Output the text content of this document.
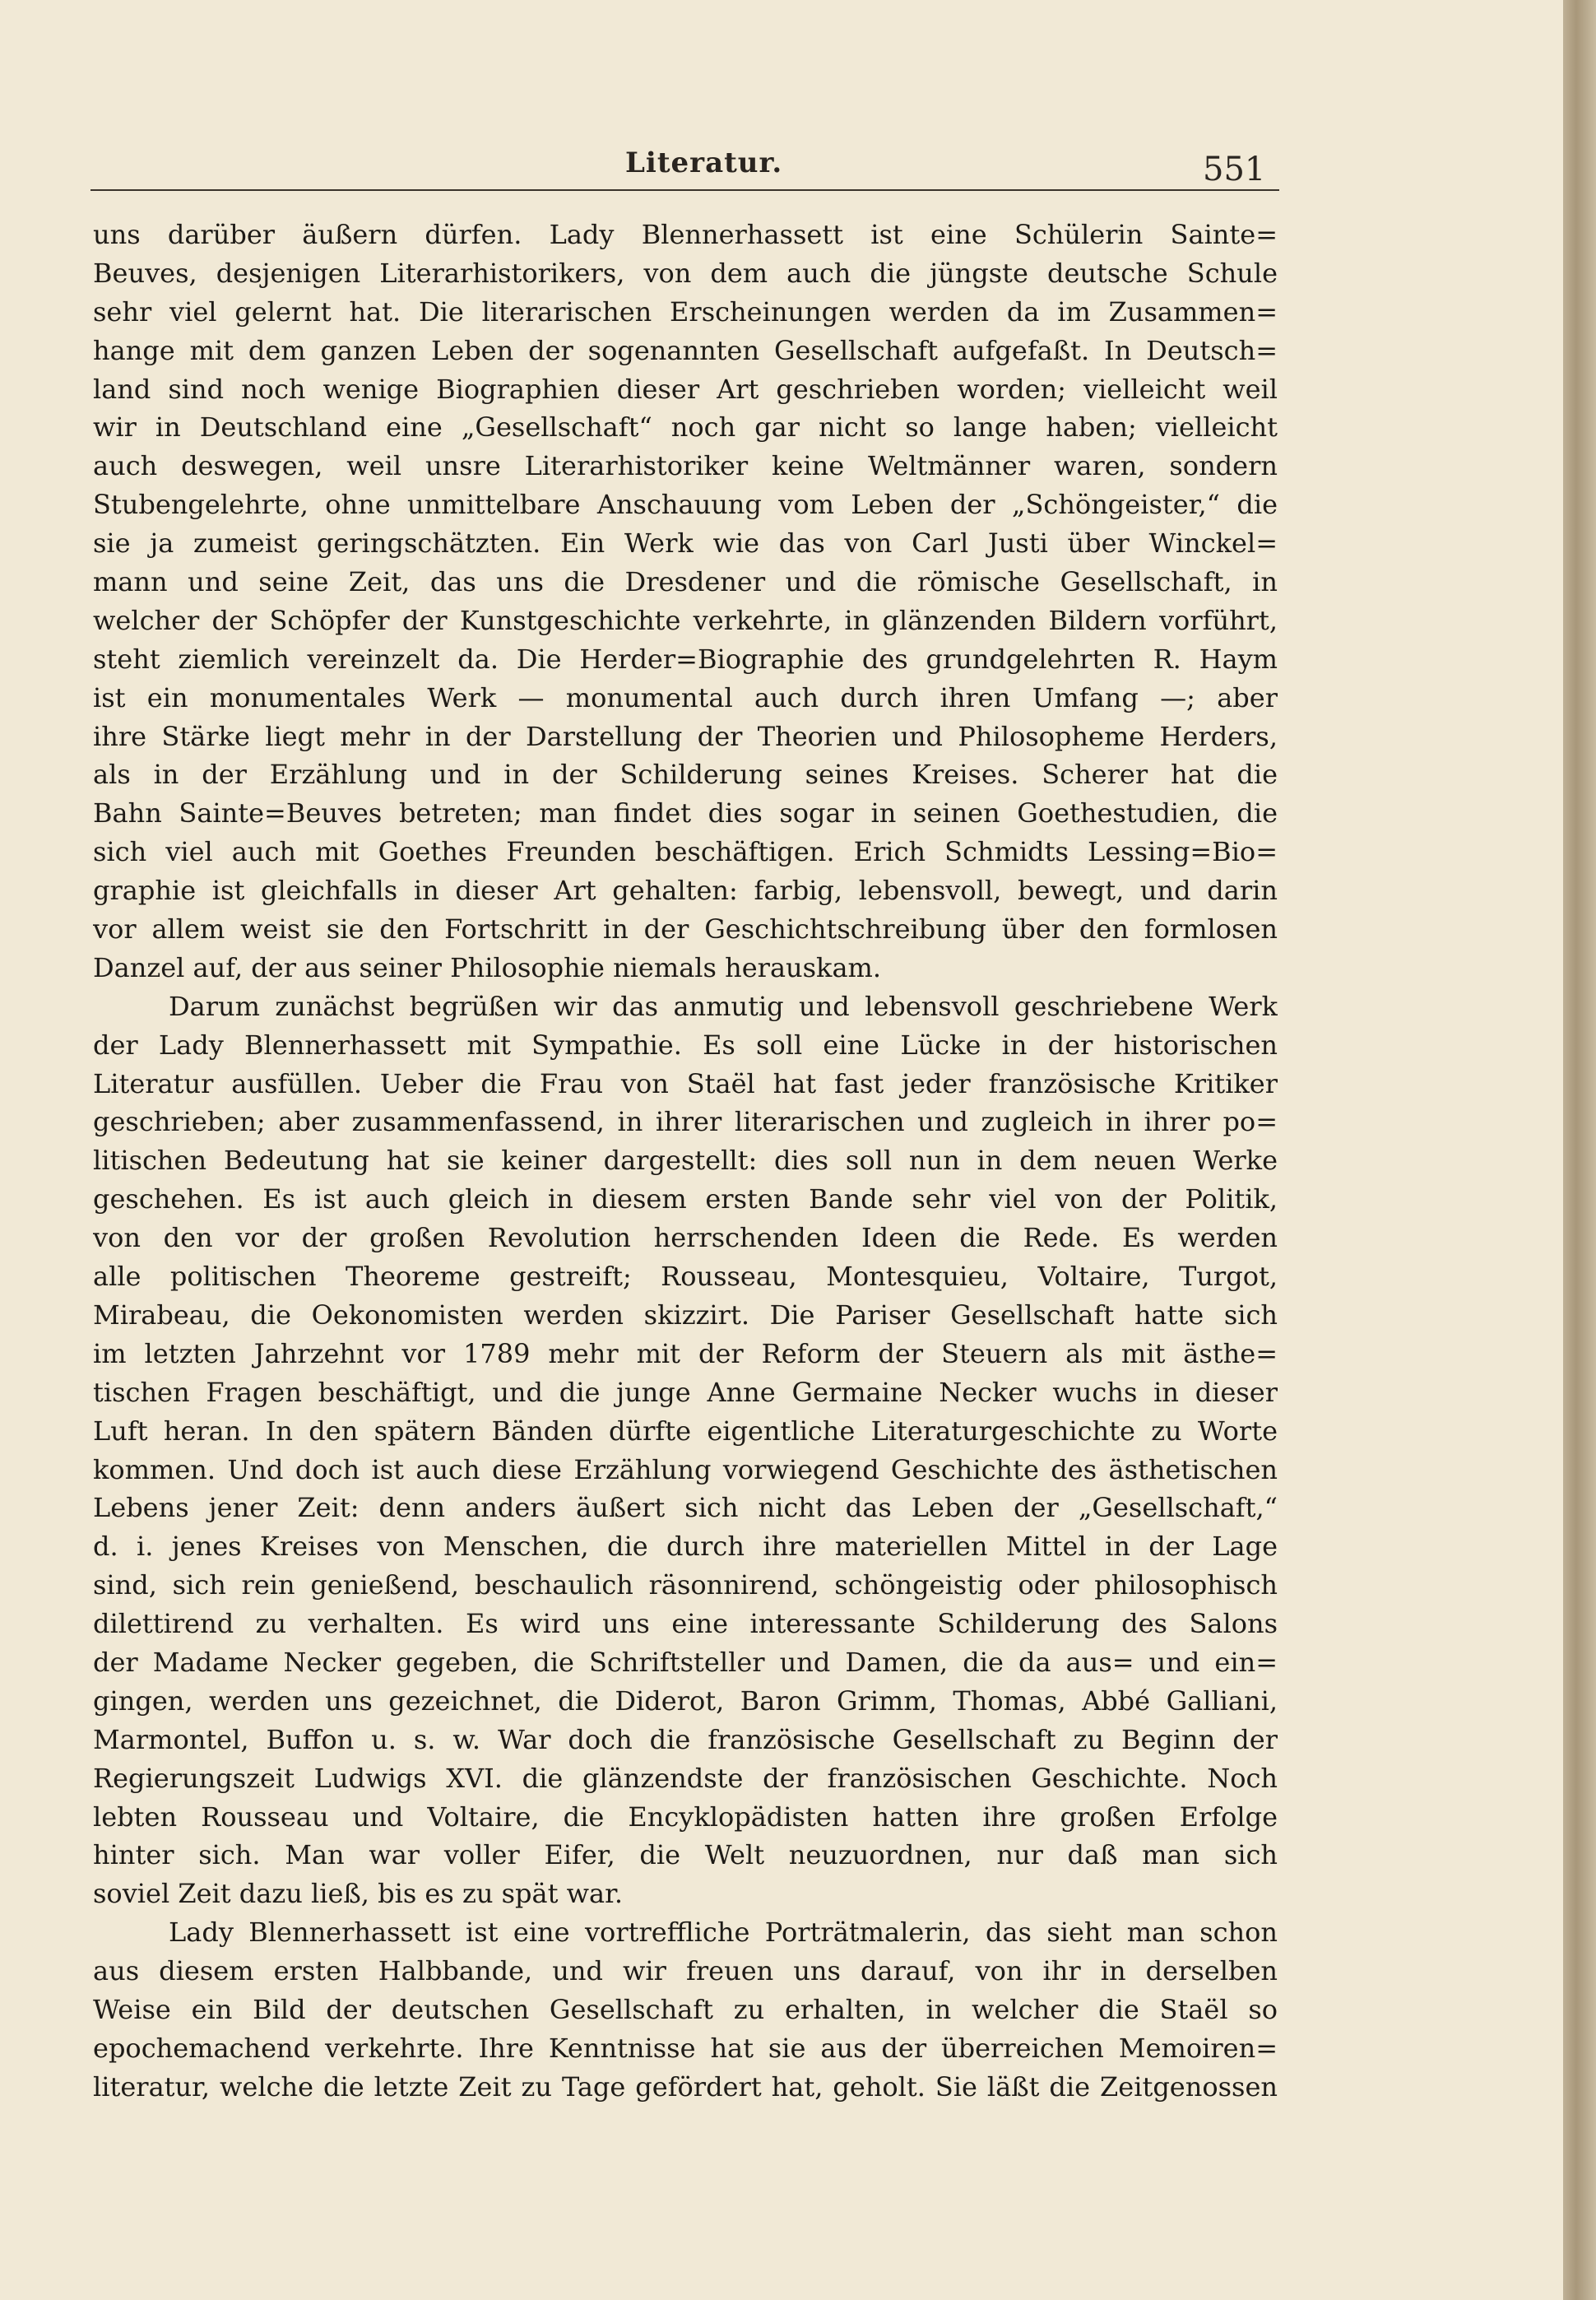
Literatur.	551
uns darüber äußern dürfen. Lady Blennerhassett ist eine Schülerin Sainte=
Beuves, desjenigen Literarhistorikers, von dem auch die jüngste deutsche Schule
sehr viel gelernt hat. Die literarischen Erscheinungen werden da im Zusammen=
hange mit dem ganzen Leben der sogenannten Gesellschaft aufgefaßt. In Deutsch=
land sind noch wenige Biographien dieser Art geschrieben worden; vielleicht weil
wir in Deutschland eine „Gesellschaft“ noch gar nicht so lange haben; vielleicht
auch deswegen, weil unsre Literarhistoriker keine Weltmänner waren, sondern
Stubengelehrte, ohne unmittelbare Anschauung vom Leben der „Schöngeister,“ die
sie ja zumeist geringschätzten. Ein Werk wie das von Carl Justi über Winckel=
mann und seine Zeit, das uns die Dresdener und die römische Gesellschaft, in
welcher der Schöpfer der Kunstgeschichte verkehrte, in glänzenden Bildern vorführt,
steht ziemlich vereinzelt da. Die Herder=Biographie des grundgelehrten R. Haym
ist ein monumentales Werk — monumental auch durch ihren Umfang —; aber
ihre Stärke liegt mehr in der Darstellung der Theorien und Philosopheme Herders,
als in der Erzählung und in der Schilderung seines Kreises. Scherer hat die
Bahn Sainte=Beuves betreten; man findet dies sogar in seinen Goethestudien, die
sich viel auch mit Goethes Freunden beschäftigen. Erich Schmidts Lessing=Bio=
graphie ist gleichfalls in dieser Art gehalten: farbig, lebensvoll, bewegt, und darin
vor allem weist sie den Fortschritt in der Geschichtschreibung über den formlosen
Danzel auf, der aus seiner Philosophie niemals herauskam.
Darum zunächst begrüßen wir das anmutig und lebensvoll geschriebene Werk
der Lady Blennerhassett mit Sympathie. Es soll eine Lücke in der historischen
Literatur ausfüllen. Ueber die Frau von Staël hat fast jeder französische Kritiker
geschrieben; aber zusammenfassend, in ihrer literarischen und zugleich in ihrer po=
litischen Bedeutung hat sie keiner dargestellt: dies soll nun in dem neuen Werke
geschehen. Es ist auch gleich in diesem ersten Bande sehr viel von der Politik,
von den vor der großen Revolution herrschenden Ideen die Rede. Es werden
alle politischen Theoreme gestreift; Rousseau, Montesquieu, Voltaire, Turgot,
Mirabeau, die Oekonomisten werden skizzirt. Die Pariser Gesellschaft hatte sich
im letzten Jahrzehnt vor 1789 mehr mit der Reform der Steuern als mit ästhe=
tischen Fragen beschäftigt, und die junge Anne Germaine Necker wuchs in dieser
Luft heran. In den spätern Bänden dürfte eigentliche Literaturgeschichte zu Worte
kommen. Und doch ist auch diese Erzählung vorwiegend Geschichte des ästhetischen
Lebens jener Zeit: denn anders äußert sich nicht das Leben der „Gesellschaft,“
d. i. jenes Kreises von Menschen, die durch ihre materiellen Mittel in der Lage
sind, sich rein genießend, beschaulich räsonnirend, schöngeistig oder philosophisch
dilettirend zu verhalten. Es wird uns eine interessante Schilderung des Salons
der Madame Necker gegeben, die Schriftsteller und Damen, die da aus= und ein=
gingen, werden uns gezeichnet, die Diderot, Baron Grimm, Thomas, Abbé Galliani,
Marmontel, Buffon u. s. w. War doch die französische Gesellschaft zu Beginn der
Regierungszeit Ludwigs XVI. die glänzendste der französischen Geschichte. Noch
lebten Rousseau und Voltaire, die Encyklopädisten hatten ihre großen Erfolge
hinter sich. Man war voller Eifer, die Welt neuzuordnen, nur daß man sich
soviel Zeit dazu ließ, bis es zu spät war.
Lady Blennerhassett ist eine vortreffliche Porträtmalerin, das sieht man schon
aus diesem ersten Halbbande, und wir freuen uns darauf, von ihr in derselben
Weise ein Bild der deutschen Gesellschaft zu erhalten, in welcher die Staël so
epochemachend verkehrte. Ihre Kenntnisse hat sie aus der überreichen Memoiren=
literatur, welche die letzte Zeit zu Tage gefördert hat, geholt. Sie läßt die Zeitgenossen
